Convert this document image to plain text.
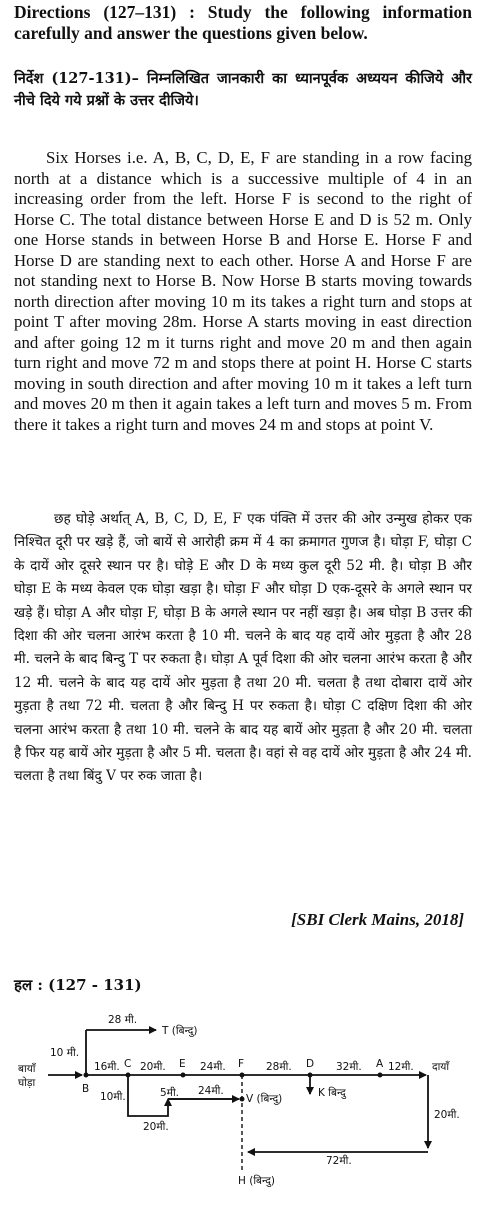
Directions (127–131) : Study the following information carefully and answer the questions given below.
निर्देश (127-131)– निम्नलिखित जानकारी का ध्यानपूर्वक अध्ययन कीजिये और नीचे दिये गये प्रश्नों के उत्तर दीजिये।
Six Horses i.e. A, B, C, D, E, F are standing in a row facing north at a distance which is a successive multiple of 4 in an increasing order from the left. Horse F is second to the right of Horse C. The total distance between Horse E and D is 52 m. Only one Horse stands in between Horse B and Horse E. Horse F and Horse D are standing next to each other. Horse A and Horse F are not standing next to Horse B. Now Horse B starts moving towards north direction after moving 10 m its takes a right turn and stops at point T after moving 28m. Horse A starts moving in east direction and after going 12 m it turns right and move 20 m and then again turn right and move 72 m and stops there at point H. Horse C starts moving in south direction and after moving 10 m it takes a left turn and moves 20 m then it again takes a left turn and moves 5 m. From there it takes a right turn and moves 24 m and stops at point V.
छह घोड़े अर्थात् A, B, C, D, E, F एक पंक्ति में उत्तर की ओर उन्मुख होकर एक निश्चित दूरी पर खड़े हैं, जो बायें से आरोही क्रम में 4 का क्रमागत गुणज है। घोड़ा F, घोड़ा C के दायें ओर दूसरे स्थान पर है। घोड़े E और D के मध्य कुल दूरी 52 मी. है। घोड़ा B और घोड़ा E के मध्य केवल एक घोड़ा खड़ा है। घोड़ा F और घोड़ा D एक-दूसरे के अगले स्थान पर खड़े हैं। घोड़ा A और घोड़ा F, घोड़ा B के अगले स्थान पर नहीं खड़ा है। अब घोड़ा B उत्तर की दिशा की ओर चलना आरंभ करता है 10 मी. चलने के बाद यह दायें ओर मुड़ता है और 28 मी. चलने के बाद बिन्दु T पर रुकता है। घोड़ा A पूर्व दिशा की ओर चलना आरंभ करता है और 12 मी. चलने के बाद यह दायें ओर मुड़ता है तथा 20 मी. चलता है तथा दोबारा दायें ओर मुड़ता है तथा 72 मी. चलता है और बिन्दु H पर रुकता है। घोड़ा C दक्षिण दिशा की ओर चलना आरंभ करता है तथा 10 मी. चलने के बाद यह बायें ओर मुड़ता है और 20 मी. चलता है फिर यह बायें ओर मुड़ता है और 5 मी. चलता है। वहां से वह दायें ओर मुड़ता है और 24 मी. चलता है तथा बिंदु V पर रुक जाता है।
[SBI Clerk Mains, 2018]
हल : (127 - 131)
28 मी.
T (बिन्दु)
10 मी.
बायाँ
घोड़ा	B
16मी. C 20मी. E 24मी. F 28मी. D 32मी. A 12मी. दायाँ
10मी.
20मी.
5मी. 24मी.
V (बिन्दु)	K बिन्दु
20मी.
72मी.
H (बिन्दु)
